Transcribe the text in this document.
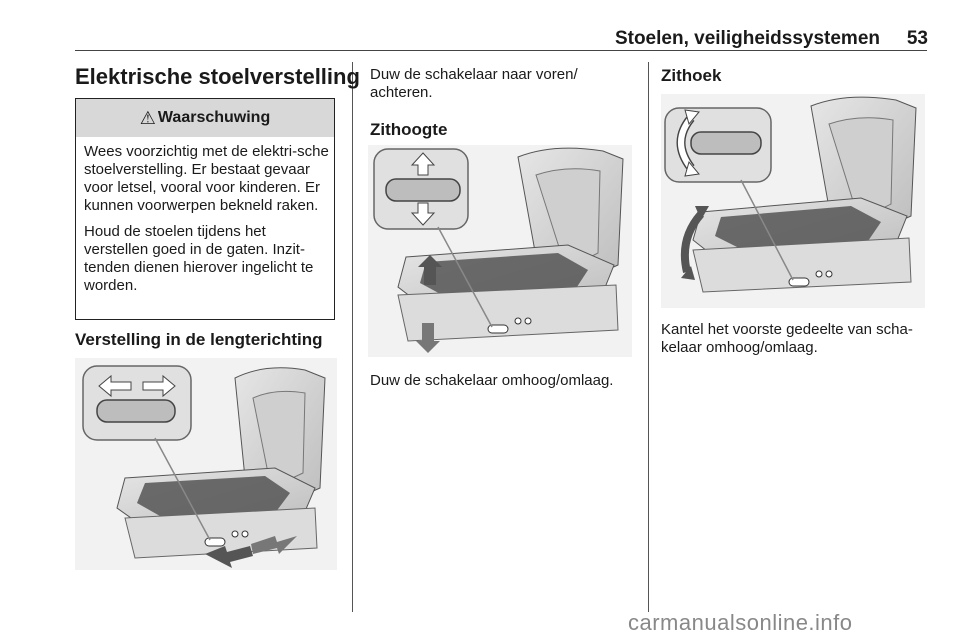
Stoelen, veiligheidssystemen	53
Elektrische stoelverstelling
⚠ Waarschuwing

Wees voorzichtig met de elektri-sche stoelverstelling. Er bestaat gevaar voor letsel, vooral voor kinderen. Er kunnen voorwerpen bekneld raken.

Houd de stoelen tijdens het verstellen goed in de gaten. Inzit-tenden dienen hierover ingelicht te worden.

Verstelling in de lengterichting
Duw de schakelaar naar voren/ achteren.
Zithoogte
Duw de schakelaar omhoog/omlaag.
Zithoek
Kantel het voorste gedeelte van scha-kelaar omhoog/omlaag.
carmanualsonline.info
